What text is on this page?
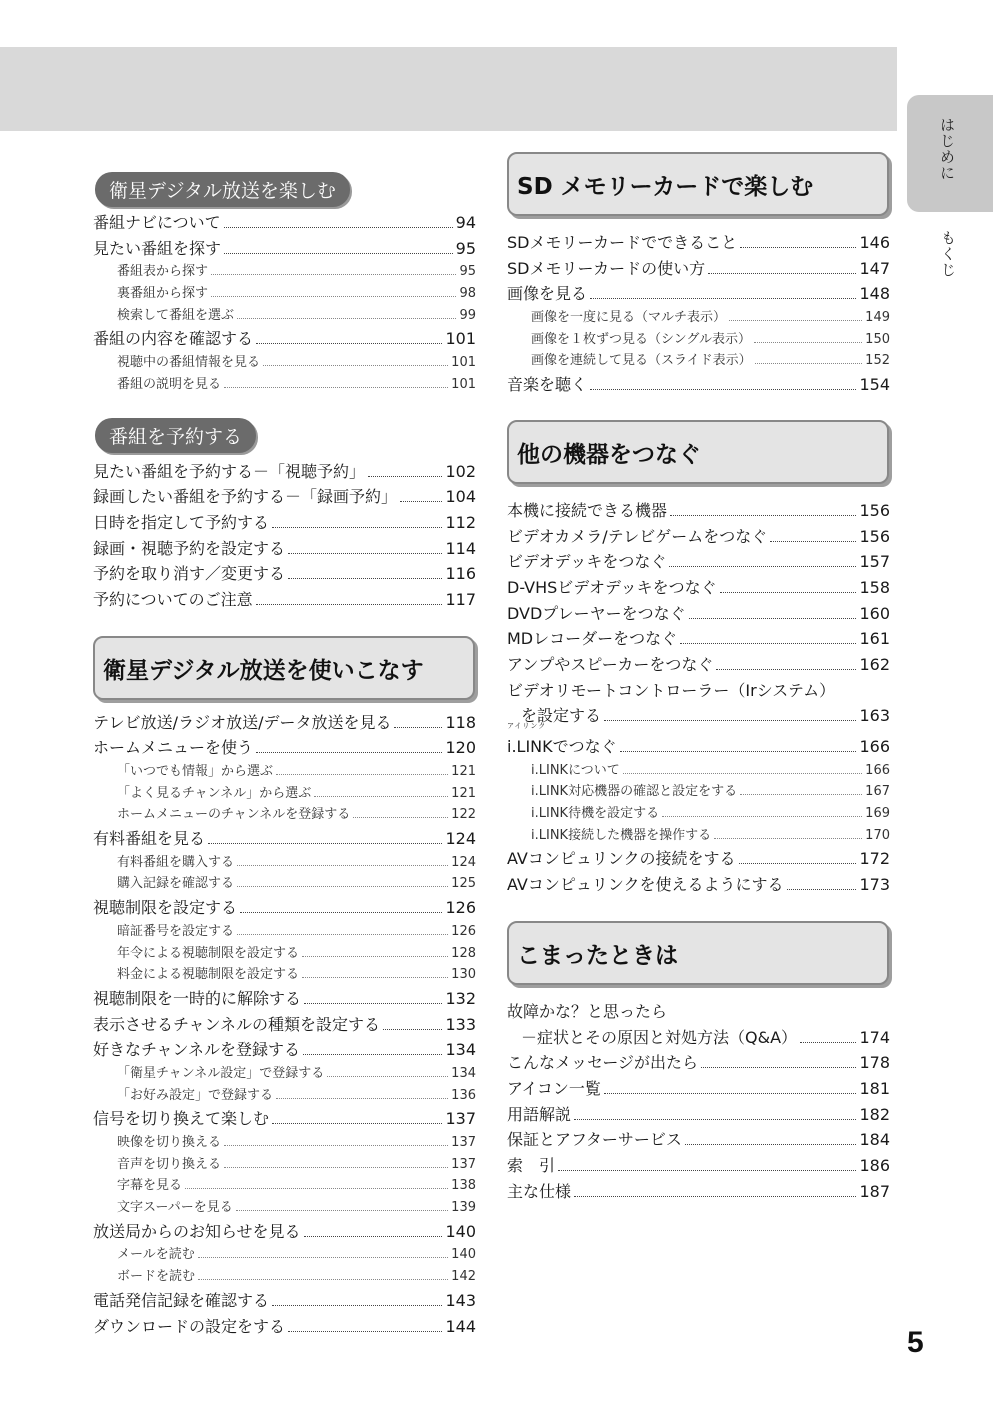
はじめに
もくじ
5
衛星デジタル放送を楽しむ
番組ナビについて	94
見たい番組を探す	95
番組表から探す	95
裏番組から探す	98
検索して番組を選ぶ	99
番組の内容を確認する	101
視聴中の番組情報を見る	101
番組の説明を見る	101
番組を予約する
見たい番組を予約する－「視聴予約」	102
録画したい番組を予約する－「録画予約」	104
日時を指定して予約する	112
録画・視聴予約を設定する	114
予約を取り消す／変更する	116
予約についてのご注意	117
衛星デジタル放送を使いこなす
テレビ放送/ラジオ放送/データ放送を見る	118
ホームメニューを使う	120
「いつでも情報」から選ぶ	121
「よく見るチャンネル」から選ぶ	121
ホームメニューのチャンネルを登録する	122
有料番組を見る	124
有料番組を購入する	124
購入記録を確認する	125
視聴制限を設定する	126
暗証番号を設定する	126
年令による視聴制限を設定する	128
料金による視聴制限を設定する	130
視聴制限を一時的に解除する	132
表示させるチャンネルの種類を設定する	133
好きなチャンネルを登録する	134
「衛星チャンネル設定」で登録する	134
「お好み設定」で登録する	136
信号を切り換えて楽しむ	137
映像を切り換える	137
音声を切り換える	137
字幕を見る	138
文字スーパーを見る	139
放送局からのお知らせを見る	140
メールを読む	140
ボードを読む	142
電話発信記録を確認する	143
ダウンロードの設定をする	144
SD メモリーカードで楽しむ
SDメモリーカードでできること	146
SDメモリーカードの使い方	147
画像を見る	148
画像を一度に見る（マルチ表示）	149
画像を１枚ずつ見る（シングル表示）	150
画像を連続して見る（スライド表示）	152
音楽を聴く	154
他の機器をつなぐ
本機に接続できる機器	156
ビデオカメラ/テレビゲームをつなぐ	156
ビデオデッキをつなぐ	157
D-VHSビデオデッキをつなぐ	158
DVDプレーヤーをつなぐ	160
MDレコーダーをつなぐ	161
アンプやスピーカーをつなぐ	162
ビデオリモートコントローラー（Irシステム）
を設定する	163
アイリンク
i.LINKでつなぐ	166
i.LINKについて	166
i.LINK対応機器の確認と設定をする	167
i.LINK待機を設定する	169
i.LINK接続した機器を操作する	170
AVコンピュリンクの接続をする	172
AVコンピュリンクを使えるようにする	173
こまったときは
故障かな？と思ったら
－症状とその原因と対処方法（Q&A）	174
こんなメッセージが出たら	178
アイコン一覧	181
用語解説	182
保証とアフターサービス	184
索　引	186
主な仕様	187
